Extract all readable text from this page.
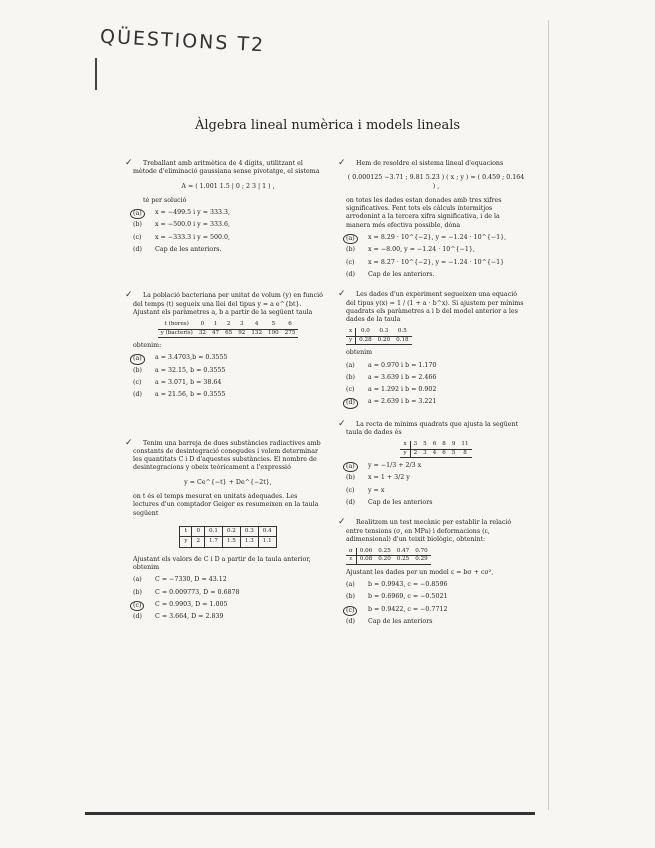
QÜESTIONS T2
Àlgebra lineal numèrica i models lineals
✓	Treballant amb aritmètica de 4 dígits, utilitzant el mètode d'eliminació gaussiana sense pivotatge, el sistema

A = ( 1.001 1.5 | 0 ; 2 3 | 1 ) ,

té per solució

(a)	x = −499.5 i y = 333.3,
(b) x = −500.0 i y = 333.6,
(c) x = −333.3 i y = 500.0,
(d) Cap de les anteriors.
✓	La població bacteriana per unitat de volum (y) en funció del temps (t) segueix una llei del tipus y = a e^{bt}. Ajustant els paràmetres a, b a partir de la següent taula

t (hores)	0	1	2	3	4	5	6
y (bacteris)	32	47	65	92	132	190	275

obtenim:

(a)	a = 3.4703,b = 0.3555
(b) a = 32.15, b = 0.3555
(c) a = 3.071, b = 38.64
(d) a = 21.56, b = 0.3555
✓	Tenim una barreja de dues substàncies radiactives amb constants de desintegració conegudes i volem determinar les quantitats C i D d'aquestes substàncies. El nombre de desintegracions y obeix teòricament a l'expressió

y = Ce^{−t} + De^{−2t},

on t és el temps mesurat en unitats adequades. Les lectures d'un comptador Geiger es resumeixen en la taula següent

t	0	0.1	0.2	0.3	0.4
y	2	1.7	1.5	1.3	1.1

Ajustant els valors de C i D a partir de la taula anterior, obtenim

(a) C = −7330, D = 43.12
(b) C = 0.009773, D = 0.6878
(c)	C = 0.9903, D = 1.005
(d) C = 3.664, D = 2.839
✓	Hem de resoldre el sistema lineal d'equacions

( 0.000125 −3.71 ; 9.81 5.23 ) ( x ; y ) = ( 0.459 ; 0.164 ) ,

on totes les dades estan donades amb tres xifres significatives. Fent tots els càlculs intermitjos arrodonint a la tercera xifra significativa, i de la manera més efectiva possible, dóna

(a)	x = 8.29 · 10^{−2}, y = −1.24 · 10^{−1},
(b) x = −8.00, y = −1.24 · 10^{−1},
(c) x = 8.27 · 10^{−2}, y = −1.24 · 10^{−1}
(d) Cap de les anteriors.
✓	Les dades d'un experiment segueixen una equació del tipus y(x) = 1 / (1 + a · b^x). Si ajustem per mínims quadrats els paràmetres a i b del model anterior a les dades de la taula

x	0.0	0.3	0.5
y	0.28	0.20	0.18

obtenim

(a) a = 0.970 i b = 1.170
(b) a = 3.639 i b = 2.466
(c) a = 1.292 i b = 0.902
(d)	a = 2.639 i b = 3.221
✓	La recta de mínims quadrats que ajusta la següent taula de dades és

x	3	5	6	8	9	11
y	2	3	4	6	5	8
(a)	y = −1/3 + 2/3 x
(b) x = 1 + 3/2 y
(c) y = x
(d) Cap de les anteriors
✓	Realitzem un test mecànic per establir la relació entre tensions (σ, en MPa) i deformacions (ε, adimensional) d'un teixit biològic, obtenint:

σ	0.06	0.25	0.47	0.70
ε	0.08	0.20	0.25	0.29

Ajustant les dades per un model ε = bσ + cσ²,

(a) b = 0.9943, c = −0.8596
(b) b = 0.6969, c = −0.5021
(c)	b = 0.9422, c = −0.7712
(d) Cap de les anteriors
